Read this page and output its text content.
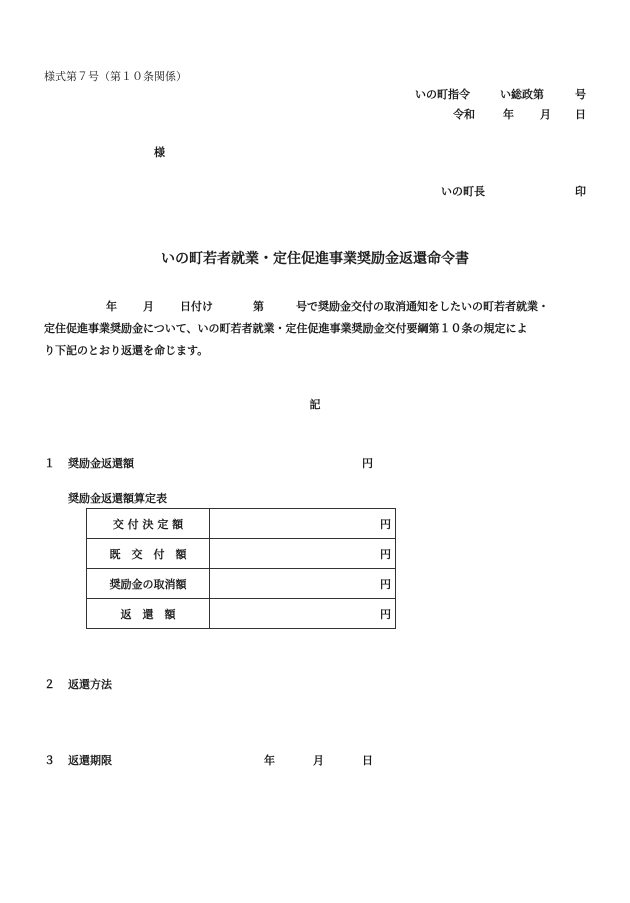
様式第７号（第１０条関係）
いの町指令	い総政第	号
令和	年 月 日
様
いの町長	印
いの町若者就業・定住促進事業奨励金返還命令書
年 月 日付け	第	号で奨励金交付の取消通知をしたいの町若者就業・
定住促進事業奨励金について、いの町若者就業・定住促進事業奨励金交付要綱第１０条の規定によ
り下記のとおり返還を命じます。
記
１ 奨励金返還額	円
奨励金返還額算定表
交 付 決 定 額	円
既　交　付　額	円
奨励金の取消額	円
返　還　額	円
２ 返還方法
３ 返還期限	年	月	日
